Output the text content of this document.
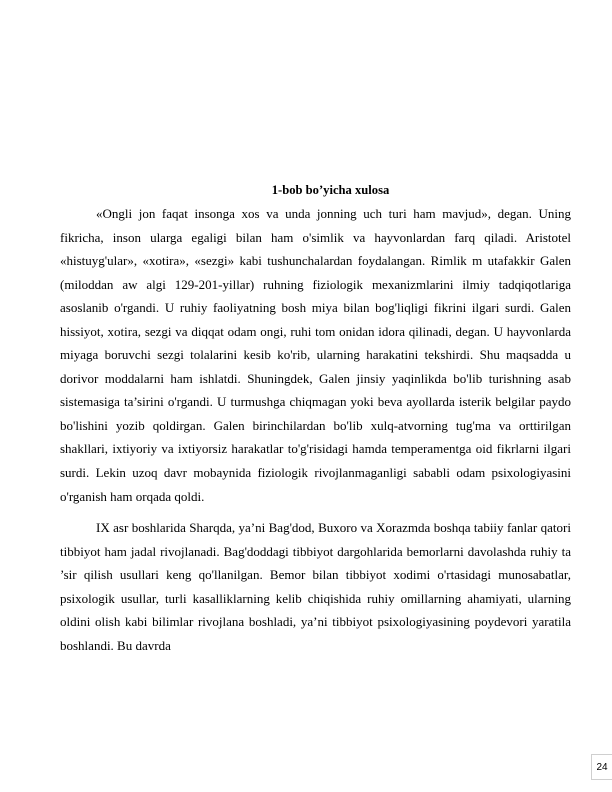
1-bob bo’yicha xulosa

«Ongli jon faqat insonga xos va unda jonning uch turi ham mavjud», degan. Uning fikricha, inson ularga egaligi bilan ham o'simlik va hayvonlardan farq qiladi. Aristotel «histuyg'ular», «xotira», «sezgi» kabi tushunchalardan foydalangan. Rimlik m utafakkir Galen (miloddan aw algi 129-201-yillar) ruhning fiziologik mexanizmlarini ilmiy tadqiqotlariga asoslanib o'rgandi. U ruhiy faoliyatning bosh miya bilan bog'liqligi fikrini ilgari surdi. Galen hissiyot, xotira, sezgi va diqqat odam ongi, ruhi tom onidan idora qilinadi, degan. U hayvonlarda miyaga boruvchi sezgi tolalarini kesib ko'rib, ularning harakatini tekshirdi. Shu maqsadda u dorivor moddalarni ham ishlatdi. Shuningdek, Galen jinsiy yaqinlikda bo'lib turishning asab sistemasiga ta’sirini o'rgandi. U turmushga chiqmagan yoki beva ayollarda isterik belgilar paydo bo'lishini yozib qoldirgan. Galen birinchilardan bo'lib xulq-atvorning tug'ma va orttirilgan shakllari, ixtiyoriy va ixtiyorsiz harakatlar to'g'risidagi hamda temperamentga oid fikrlarni ilgari surdi. Lekin uzoq davr mobaynida fiziologik rivojlanmaganligi sababli odam psixologiyasini o'rganish ham orqada qoldi.

IX asr boshlarida Sharqda, ya’ni Bag'dod, Buxoro va Xorazmda boshqa tabiiy fanlar qatori tibbiyot ham jadal rivojlanadi. Bag'doddagi tibbiyot dargohlarida bemorlarni davolashda ruhiy ta ’sir qilish usullari keng qo'llanilgan. Bemor bilan tibbiyot xodimi o'rtasidagi munosabatlar, psixologik usullar, turli kasalliklarning kelib chiqishida ruhiy omillarning ahamiyati, ularning oldini olish kabi bilimlar rivojlana boshladi, ya’ni tibbiyot psixologiyasining poydevori yaratila boshlandi. Bu davrda

24
